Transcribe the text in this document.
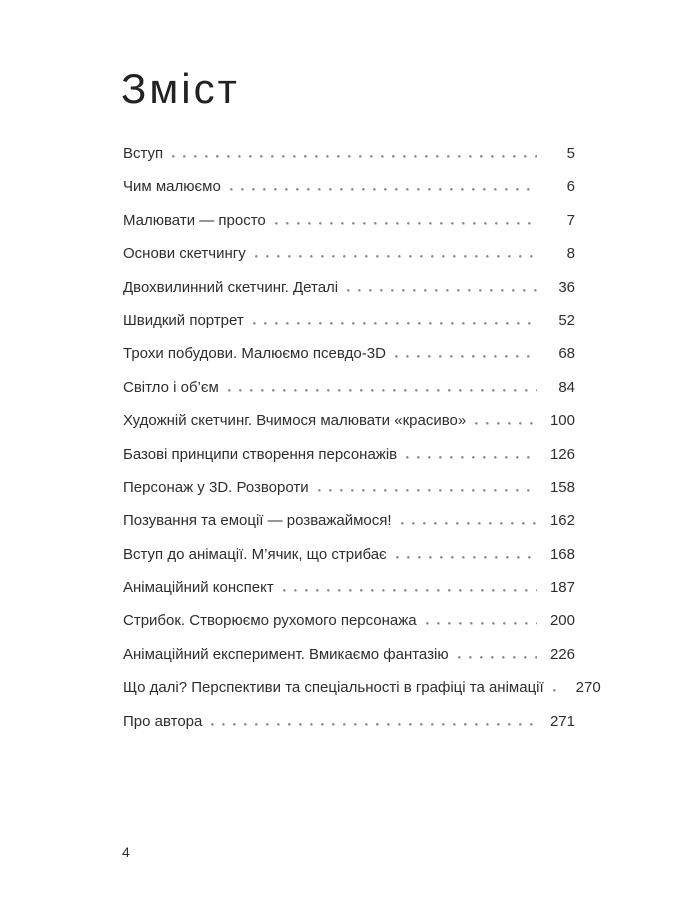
Зміст
Вступ	5
Чим малюємо	6
Малювати — просто	7
Основи скетчингу	8
Двохвилинний скетчинг. Деталі	36
Швидкий портрет	52
Трохи побудови. Малюємо псевдо-3D	68
Світло і об’єм	84
Художній скетчинг. Вчимося малювати «красиво»	100
Базові принципи створення персонажів	126
Персонаж у 3D. Розвороти	158
Позування та емоції — розважаймося!	162
Вступ до анімації. М’ячик, що стрибає	168
Анімаційний конспект	187
Стрибок. Створюємо рухомого персонажа	200
Анімаційний експеримент. Вмикаємо фантазію	226
Що далі? Перспективи та спеціальності в графіці та анімації	270
Про автора	271
4
